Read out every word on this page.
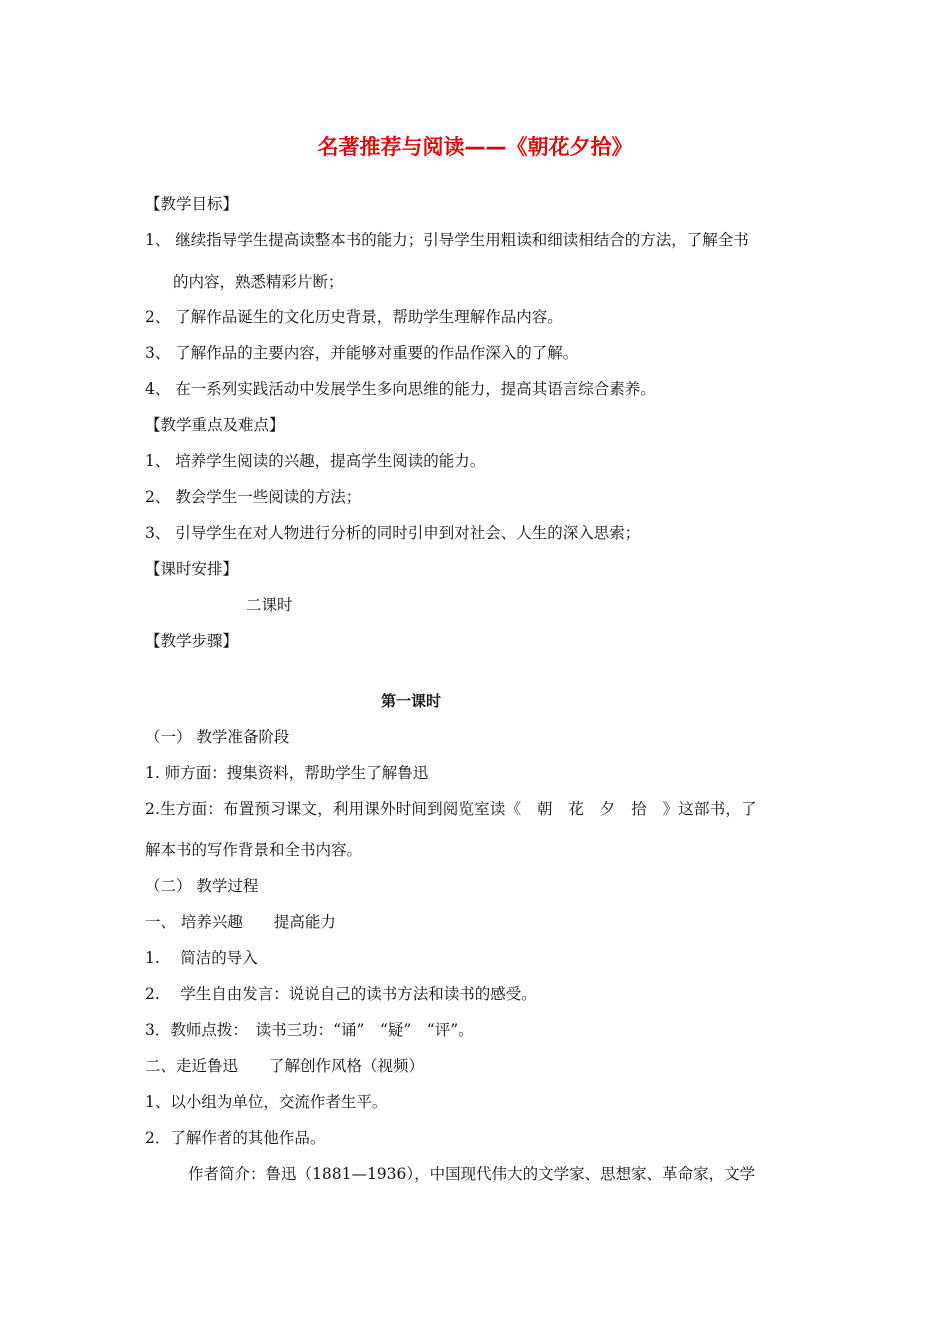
名著推荐与阅读——《朝花夕拾》
【教学目标】
1、 继续指导学生提高读整本书的能力；引导学生用粗读和细读相结合的方法，了解全书
的内容，熟悉精彩片断；
2、 了解作品诞生的文化历史背景，帮助学生理解作品内容。
3、 了解作品的主要内容，并能够对重要的作品作深入的了解。
4、 在一系列实践活动中发展学生多向思维的能力，提高其语言综合素养。
【教学重点及难点】
1、 培养学生阅读的兴趣，提高学生阅读的能力。
2、 教会学生一些阅读的方法；
3、 引导学生在对人物进行分析的同时引申到对社会、人生的深入思索；
【课时安排】
二课时
【教学步骤】
第一课时
（一） 教学准备阶段
1. 师方面：搜集资料，帮助学生了解鲁迅
2.生方面：布置预习课文，利用课外时间到阅览室读《　朝　花　夕　拾　》这部书，了
解本书的写作背景和全书内容。
（二） 教学过程
一、 培养兴趣　　提高能力
1.　 简洁的导入
2.　 学生自由发言：说说自己的读书方法和读书的感受。
3．教师点拨：　读书三功：“诵”　“疑”　“评”。
二、走近鲁迅　　了解创作风格（视频）
1、以小组为单位，交流作者生平。
2．了解作者的其他作品。
作者简介：鲁迅（1881—1936），中国现代伟大的文学家、思想家、革命家，文学
